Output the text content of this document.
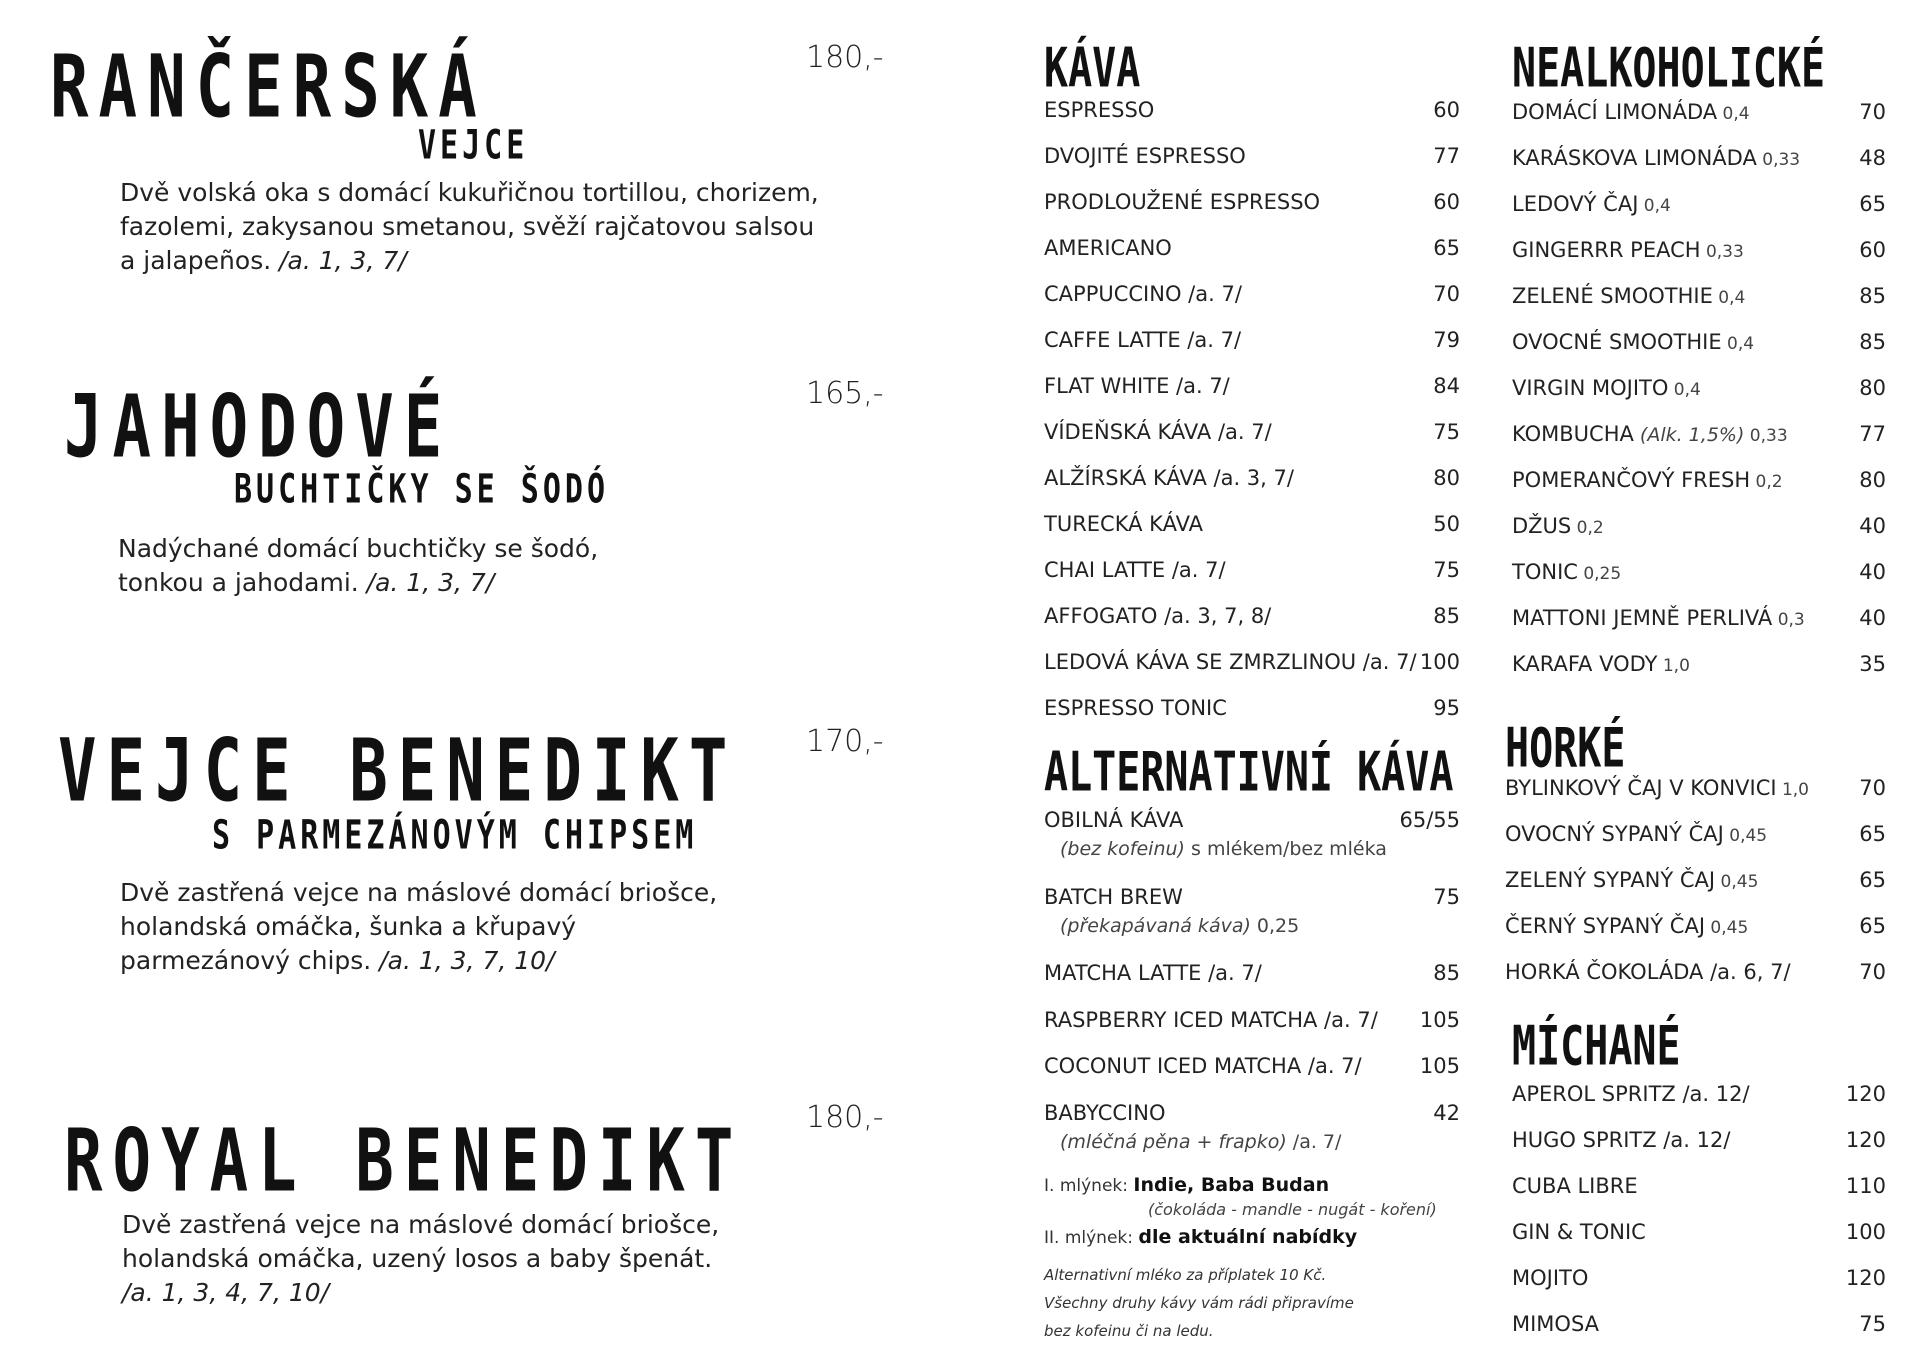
RANČERSKÁ
VEJCE
180,-
Dvě volská oka s domácí kukuřičnou tortillou, chorizem,
fazolemi, zakysanou smetanou, svěží rajčatovou salsou
a jalapeños. /a. 1, 3, 7/
JAHODOVÉ
BUCHTIČKY SE ŠODÓ
165,-
Nadýchané domácí buchtičky se šodó,
tonkou a jahodami. /a. 1, 3, 7/
VEJCE BENEDIKT
S PARMEZÁNOVÝM CHIPSEM
170,-
Dvě zastřená vejce na máslové domácí briošce,
holandská omáčka, šunka a křupavý
parmezánový chips. /a. 1, 3, 7, 10/
ROYAL BENEDIKT 180,-
Dvě zastřená vejce na máslové domácí briošce,
holandská omáčka, uzený losos a baby špenát.
/a. 1, 3, 4, 7, 10/
KÁVA
ESPRESSO	60
DVOJITÉ ESPRESSO	77
PRODLOUŽENÉ ESPRESSO	60
AMERICANO	65
CAPPUCCINO /a. 7/	70
CAFFE LATTE /a. 7/	79
FLAT WHITE /a. 7/	84
VÍDEŇSKÁ KÁVA /a. 7/	75
ALŽÍRSKÁ KÁVA /a. 3, 7/	80
TURECKÁ KÁVA	50
CHAI LATTE /a. 7/	75
AFFOGATO /a. 3, 7, 8/	85
LEDOVÁ KÁVA SE ZMRZLINOU /a. 7/ 100
ESPRESSO TONIC	95
ALTERNATIVNÍ KÁVA
OBILNÁ KÁVA	65/55
(bez kofeinu) s mlékem/bez mléka
BATCH BREW	75
(překapávaná káva) 0,25
MATCHA LATTE /a. 7/	85
RASPBERRY ICED MATCHA /a. 7/ 105
COCONUT ICED MATCHA /a. 7/	105
BABYCCINO	42
(mléčná pěna + frapko) /a. 7/
I. mlýnek: Indie, Baba Budan
(čokoláda - mandle - nugát - koření)
II. mlýnek: dle aktuální nabídky
Alternativní mléko za příplatek 10 Kč.
Všechny druhy kávy vám rádi připravíme
bez kofeinu či na ledu.
NEALKOHOLICKÉ
DOMÁCÍ LIMONÁDA 0,4	70
KARÁSKOVA LIMONÁDA 0,33	48
LEDOVÝ ČAJ 0,4	65
GINGERRR PEACH 0,33	60
ZELENÉ SMOOTHIE 0,4	85
OVOCNÉ SMOOTHIE 0,4	85
VIRGIN MOJITO 0,4	80
KOMBUCHA (Alk. 1,5%) 0,33	77
POMERANČOVÝ FRESH 0,2	80
DŽUS 0,2	40
TONIC 0,25	40
MATTONI JEMNĚ PERLIVÁ 0,3	40
KARAFA VODY 1,0	35
HORKÉ
BYLINKOVÝ ČAJ V KONVICI 1,0 70
OVOCNÝ SYPANÝ ČAJ 0,45	65
ZELENÝ SYPANÝ ČAJ 0,45	65
ČERNÝ SYPANÝ ČAJ 0,45	65
HORKÁ ČOKOLÁDA /a. 6, 7/	70
MÍCHANÉ
APEROL SPRITZ /a. 12/	120
HUGO SPRITZ /a. 12/	120
CUBA LIBRE	110
GIN & TONIC	100
MOJITO	120
MIMOSA	75
